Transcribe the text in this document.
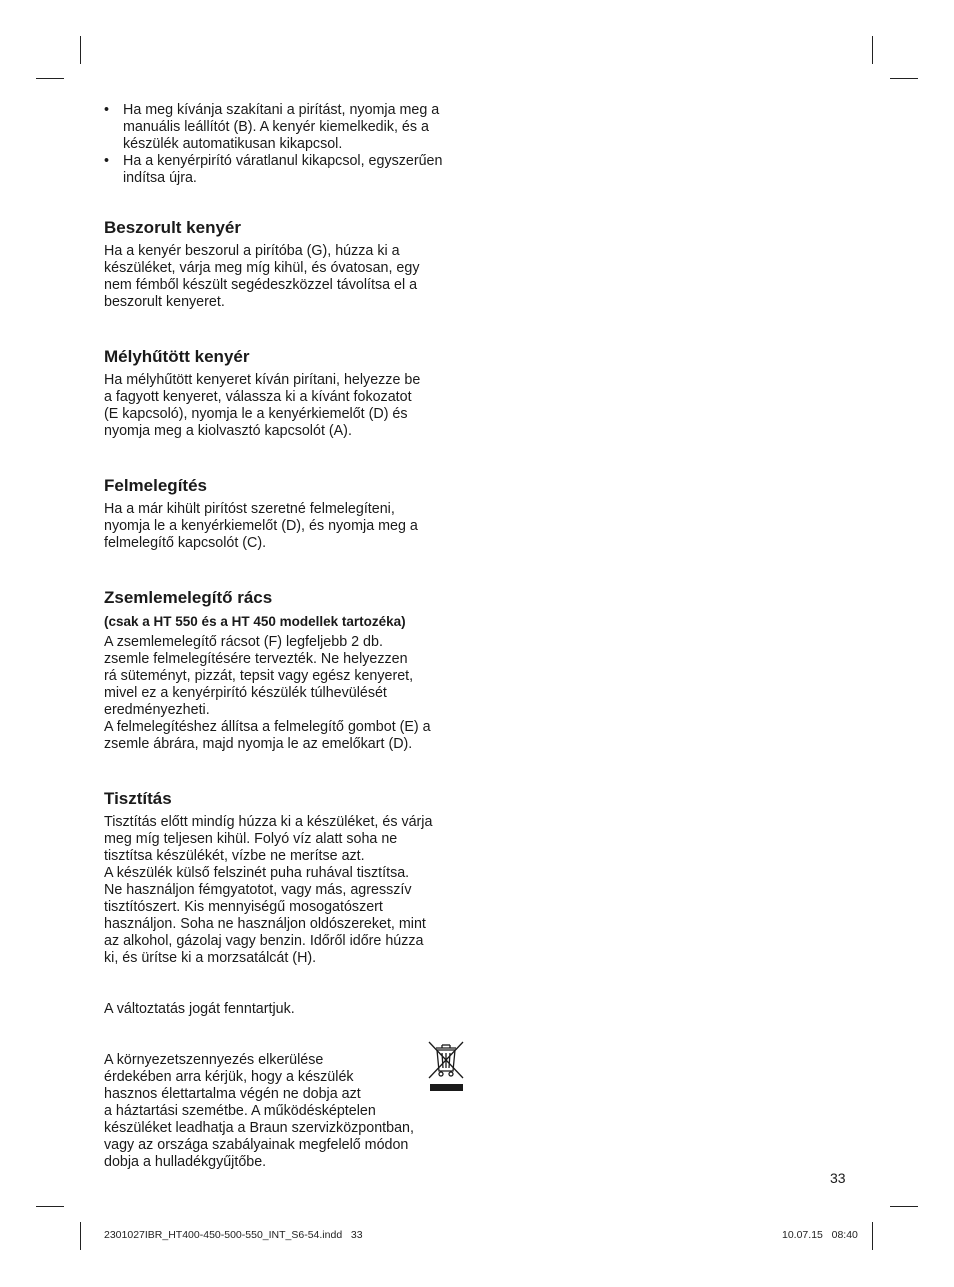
• Ha meg kívánja szakítani a pirítást, nyomja meg a manuális leállítót (B). A kenyér kiemelkedik, és a készülék automatikusan kikapcsol.
• Ha a kenyérpirító váratlanul kikapcsol, egyszerűen indítsa újra.
Beszorult kenyér

Ha a kenyér beszorul a pirítóba (G), húzza ki a
készüléket, várja meg míg kihül, és óvatosan, egy
nem fémből készült segédeszközzel távolítsa el a
beszorult kenyeret.

Mélyhűtött kenyér

Ha mélyhűtött kenyeret kíván pirítani, helyezze be
a fagyott kenyeret, válassza ki a kívánt fokozatot
(E kapcsoló), nyomja le a kenyérkiemelőt (D) és
nyomja meg a kiolvasztó kapcsolót (A).

Felmelegítés

Ha a már kihült pirítóst szeretné felmelegíteni,
nyomja le a kenyérkiemelőt (D), és nyomja meg a
felmelegítő kapcsolót (C).

Zsemlemelegítő rács
(csak a HT 550 és a HT 450 modellek tartozéka)

A zsemlemelegítő rácsot (F) legfeljebb 2 db.
zsemle felmelegítésére tervezték. Ne helyezzen
rá süteményt, pizzát, tepsit vagy egész kenyeret,
mivel ez a kenyérpirító készülék túlhevülését
eredményezheti.
A felmelegítéshez állítsa a felmelegítő gombot (E) a
zsemle ábrára, majd nyomja le az emelőkart (D).

Tisztítás

Tisztítás előtt mindíg húzza ki a készüléket, és várja
meg míg teljesen kihül. Folyó víz alatt soha ne
tisztítsa készülékét, vízbe ne merítse azt.
A készülék külső felszinét puha ruhával tisztítsa.
Ne használjon fémgyatotot, vagy más, agresszív
tisztítószert. Kis mennyiségű mosogatószert
használjon. Soha ne használjon oldószereket, mint
az alkohol, gázolaj vagy benzin. Időről időre húzza
ki, és ürítse ki a morzsatálcát (H).

A változtatás jogát fenntartjuk.

A környezetszennyezés elkerülése
érdekében arra kérjük, hogy a készülék
hasznos élettartalma végén ne dobja azt
a háztartási szemétbe. A működésképtelen
készüléket leadhatja a Braun szervizközpontban,
vagy az országa szabályainak megfelelő módon
dobja a hulladékgyűjtőbe.

33
2301027IBR_HT400-450-500-550_INT_S6-54.indd   33	10.07.15   08:40
